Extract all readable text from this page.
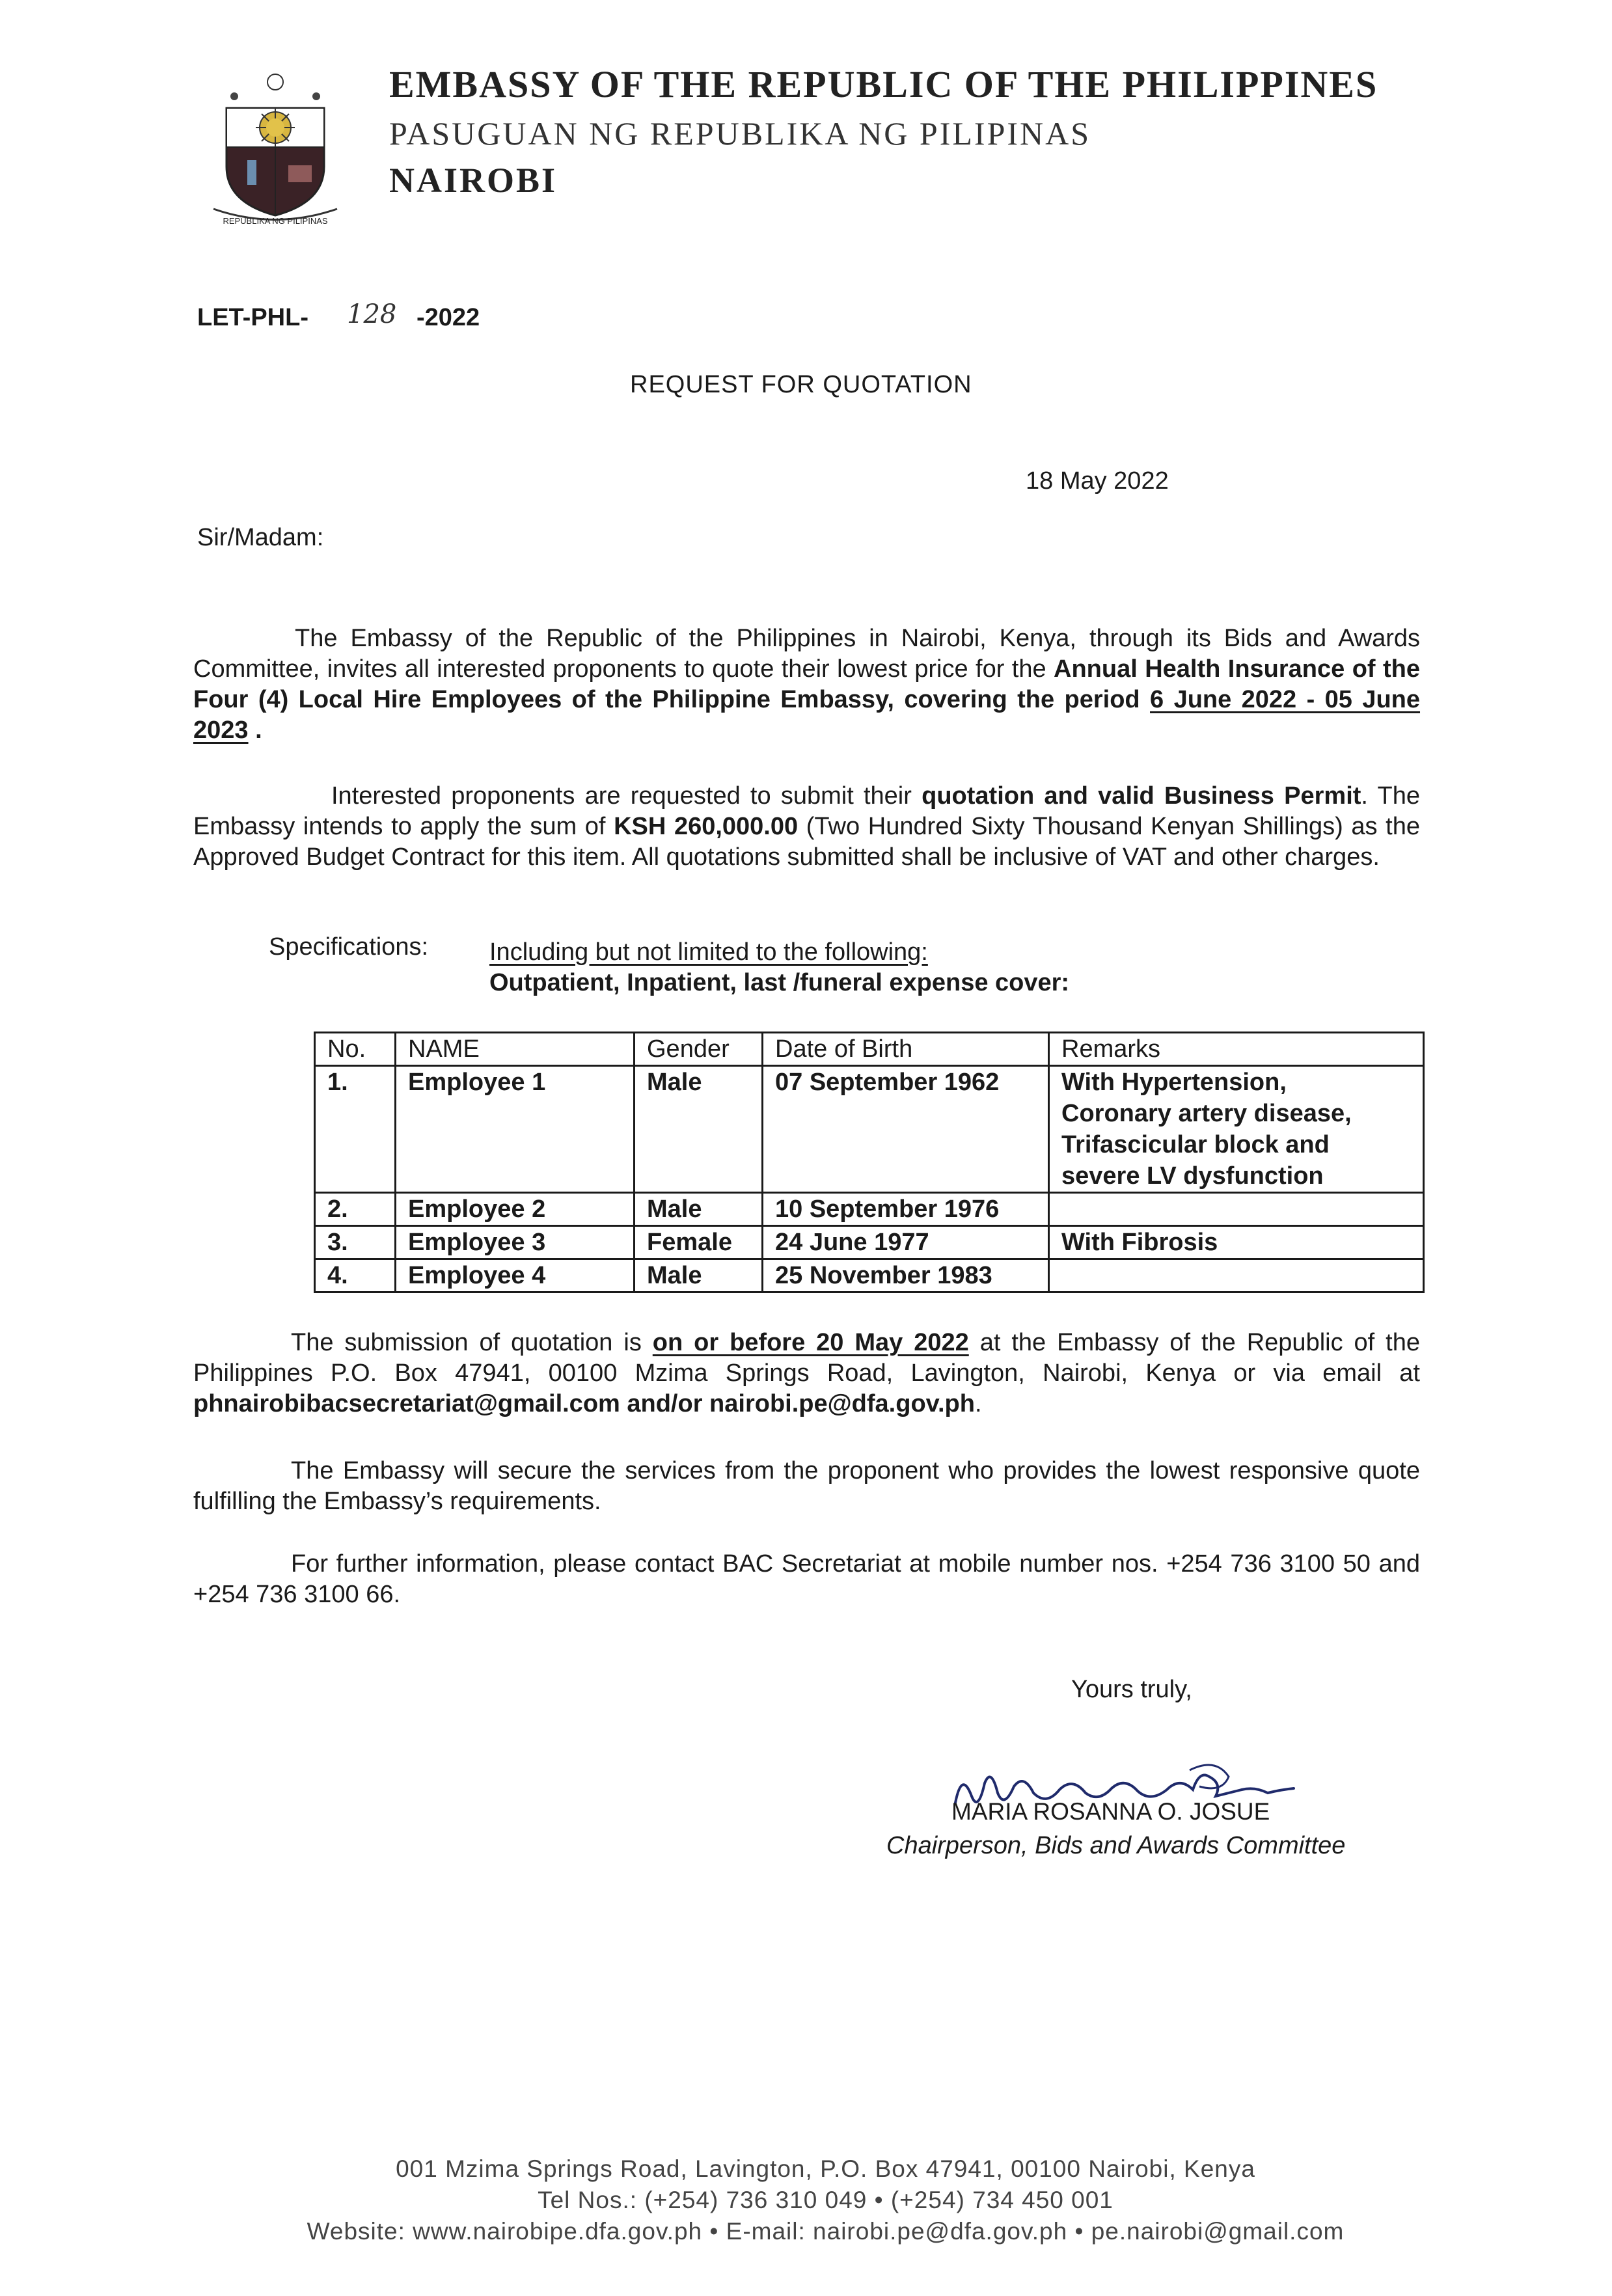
REPUBLIKA NG PILIPINAS
EMBASSY OF THE REPUBLIC OF THE PHILIPPINES
PASUGUAN NG REPUBLIKA NG PILIPINAS
NAIROBI
LET-PHL- 128 -2022
REQUEST FOR QUOTATION
18 May 2022
Sir/Madam:
The Embassy of the Republic of the Philippines in Nairobi, Kenya, through its Bids and Awards Committee, invites all interested proponents to quote their lowest price for the Annual Health Insurance of the Four (4) Local Hire Employees of the Philippine Embassy, covering the period 6 June 2022 - 05 June 2023 .
Interested proponents are requested to submit their quotation and valid Business Permit. The Embassy intends to apply the sum of KSH 260,000.00 (Two Hundred Sixty Thousand Kenyan Shillings) as the Approved Budget Contract for this item. All quotations submitted shall be inclusive of VAT and other charges.
Specifications: Including but not limited to the following:
Outpatient, Inpatient, last /funeral expense cover:
No.	NAME	Gender	Date of Birth	Remarks
1.	Employee 1	Male	07 September 1962	With Hypertension,
Coronary artery disease,
Trifascicular block and
severe LV dysfunction

2.	Employee 2	Male	10 September 1976	
3.	Employee 3	Female	24 June 1977	With Fibrosis
4.	Employee 4	Male	25 November 1983	
The submission of quotation is on or before 20 May 2022 at the Embassy of the Republic of the Philippines P.O. Box 47941, 00100 Mzima Springs Road, Lavington, Nairobi, Kenya or via email at phnairobibacsecretariat@gmail.com and/or nairobi.pe@dfa.gov.ph.
The Embassy will secure the services from the proponent who provides the lowest responsive quote fulfilling the Embassy’s requirements.
For further information, please contact BAC Secretariat at mobile number nos. +254 736 3100 50 and +254 736 3100 66.
Yours truly,
MARIA ROSANNA O. JOSUE
Chairperson, Bids and Awards Committee
001 Mzima Springs Road, Lavington, P.O. Box 47941, 00100 Nairobi, Kenya
Tel Nos.: (+254) 736 310 049 • (+254) 734 450 001
Website: www.nairobipe.dfa.gov.ph • E-mail: nairobi.pe@dfa.gov.ph • pe.nairobi@gmail.com
